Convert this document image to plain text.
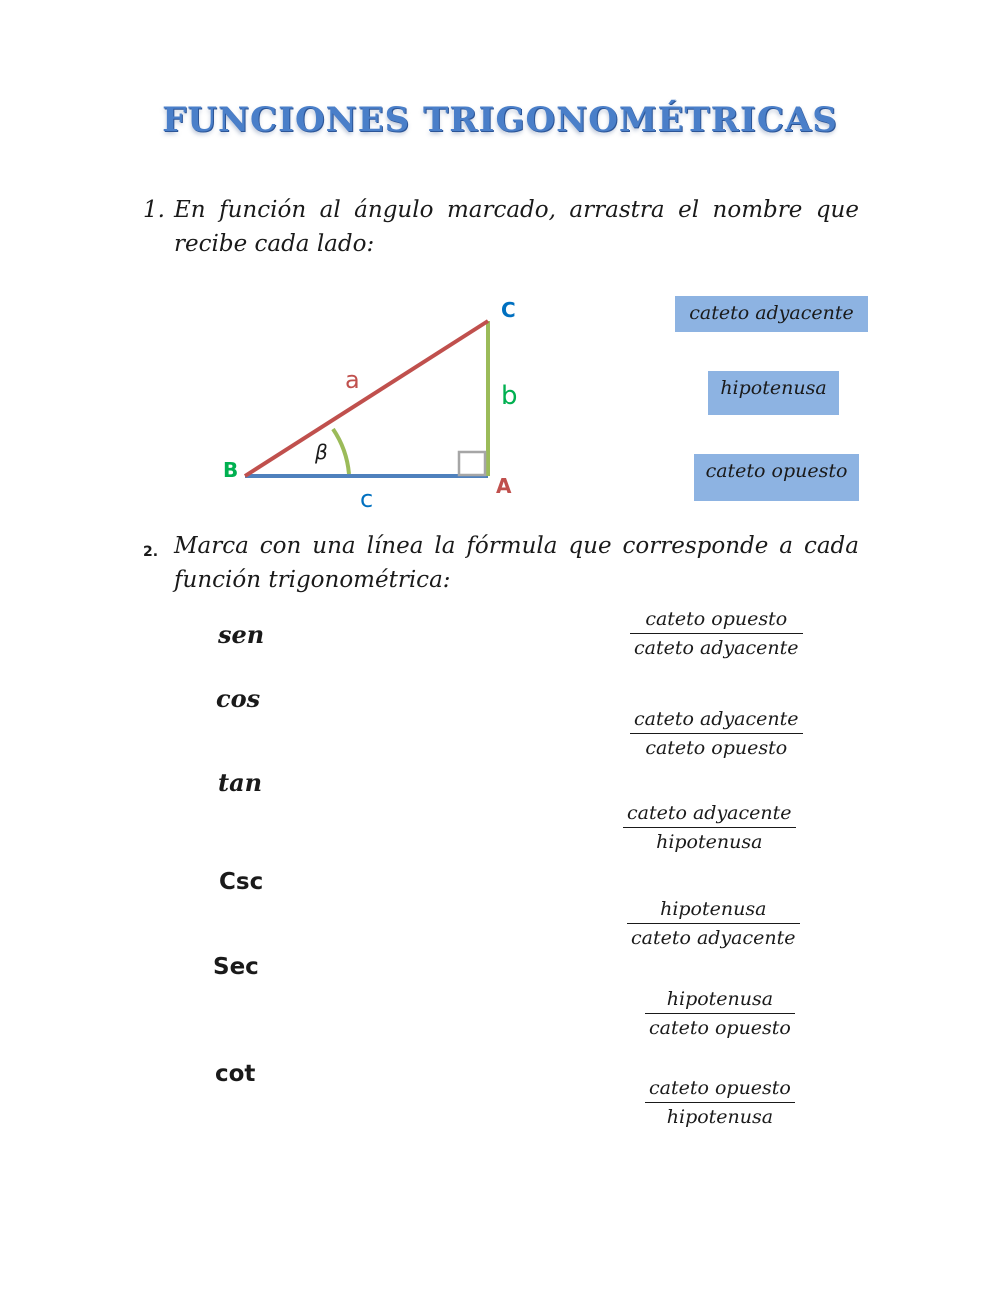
FUNCIONES TRIGONOMÉTRICAS
1. En función al ángulo marcado, arrastra el nombre que recibe cada lado:
β
B
C
A
a
b
c
cateto adyacente
hipotenusa
cateto opuesto
2. Marca con una línea la fórmula que corresponde a cada función trigonométrica:
sen
cos
tan
Csc
Sec
cot
cateto opuesto
cateto adyacente
cateto adyacente
cateto opuesto
cateto adyacente
hipotenusa
hipotenusa
cateto adyacente
hipotenusa
cateto opuesto
cateto opuesto
hipotenusa
